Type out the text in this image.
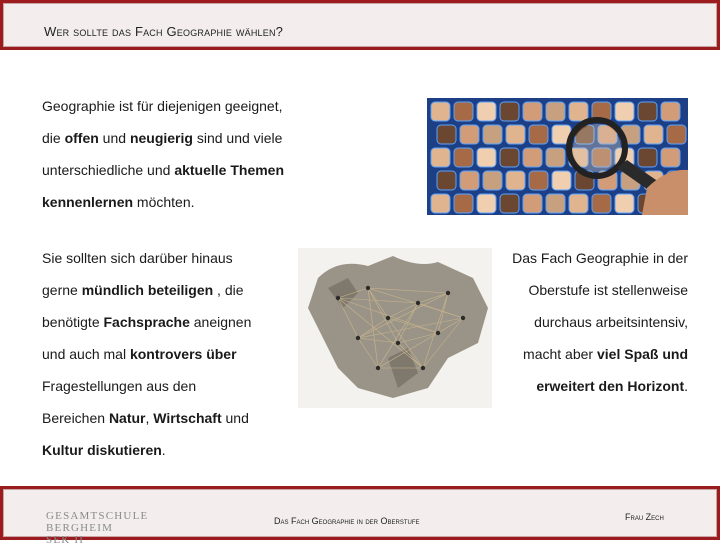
Wer sollte das Fach Geographie wählen?

Geographie ist für diejenigen geeignet,

die offen und neugierig sind und viele

unterschiedliche und aktuelle Themen

kennenlernen möchten.

Sie sollten sich darüber hinaus

gerne mündlich beteiligen , die

benötigte Fachsprache aneignen

und auch mal kontrovers über

Fragestellungen aus den

Bereichen Natur, Wirtschaft und

Kultur diskutieren.

Das Fach Geographie in der

Oberstufe ist stellenweise

durchaus arbeitsintensiv,

macht aber viel Spaß und

erweitert den Horizont.

GESAMTSCHULE
BERGHEIM SEK II
Das Fach Geographie in der Oberstufe	Frau Zech
